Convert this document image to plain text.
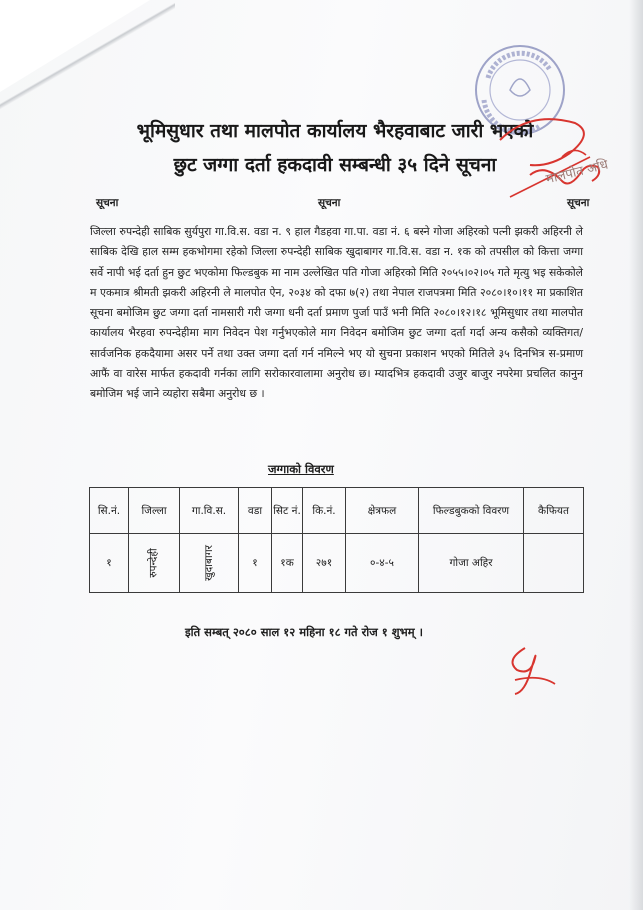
भूमिसुधार तथा मालपोत कार्यालय भैरहवाबाट जारी भएको
छुट जग्गा दर्ता हकदावी सम्बन्धी ३५ दिने सूचना	मालपोत अधि
सूचना	सूचना	सूचना
जिल्ला रुपन्देही साबिक सुर्यपुरा गा.वि.स. वडा न. ९ हाल गैडहवा गा.पा. वडा नं. ६ बस्ने गोजा अहिरको पत्नी झकरी अहिरनी ले साबिक देखि हाल सम्म हकभोगमा रहेको जिल्ला रुपन्देही साबिक खुदाबागर गा.वि.स. वडा न. १क को तपसील को कित्ता जग्गा सर्वे नापी भई दर्ता हुन छुट भएकोमा फिल्डबुक मा नाम उल्लेखित पति गोजा अहिरको मिति २०५५।०२।०५ गते मृत्यु भइ सकेकोले म एकमात्र श्रीमती झकरी अहिरनी ले मालपोत ऐन, २०३४ को दफा ७(२) तथा नेपाल राजपत्रमा मिति २०८०।१०।११ मा प्रकाशित सूचना बमोजिम छुट जग्गा दर्ता नामसारी गरी जग्गा धनी दर्ता प्रमाण पुर्जा पाउँ भनी मिति २०८०।१२।१८ भूमिसुधार तथा मालपोत कार्यालय भैरहवा रुपन्देहीमा माग निवेदन पेश गर्नुभएकोले माग निवेदन बमोजिम छुट जग्गा दर्ता गर्दा अन्य कसैको व्यक्तिगत/सार्वजनिक हकदैयामा असर पर्ने तथा उक्त जग्गा दर्ता गर्न नमिल्ने भए यो सुचना प्रकाशन भएको मितिले ३५ दिनभित्र स-प्रमाण आफैं वा वारेस मार्फत हकदावी गर्नका लागि सरोकारवालामा अनुरोध छ। म्यादभित्र हकदावी उजुर बाजुर नपरेमा प्रचलित कानुन बमोजिम भई जाने व्यहोरा सबैमा अनुरोध छ ।
जग्गाको विवरण
सि.नं.	जिल्ला	गा.वि.स.	वडा	सिट नं.	कि.नं.	क्षेत्रफल	फिल्डबुकको विवरण	कैफियत
१	रुपन्देही	खुदाबागर	१	१क	२७१	०-४-५	गोजा अहिर	
इति सम्बत् २०८० साल १२ महिना १८ गते रोज १ शुभम् ।
